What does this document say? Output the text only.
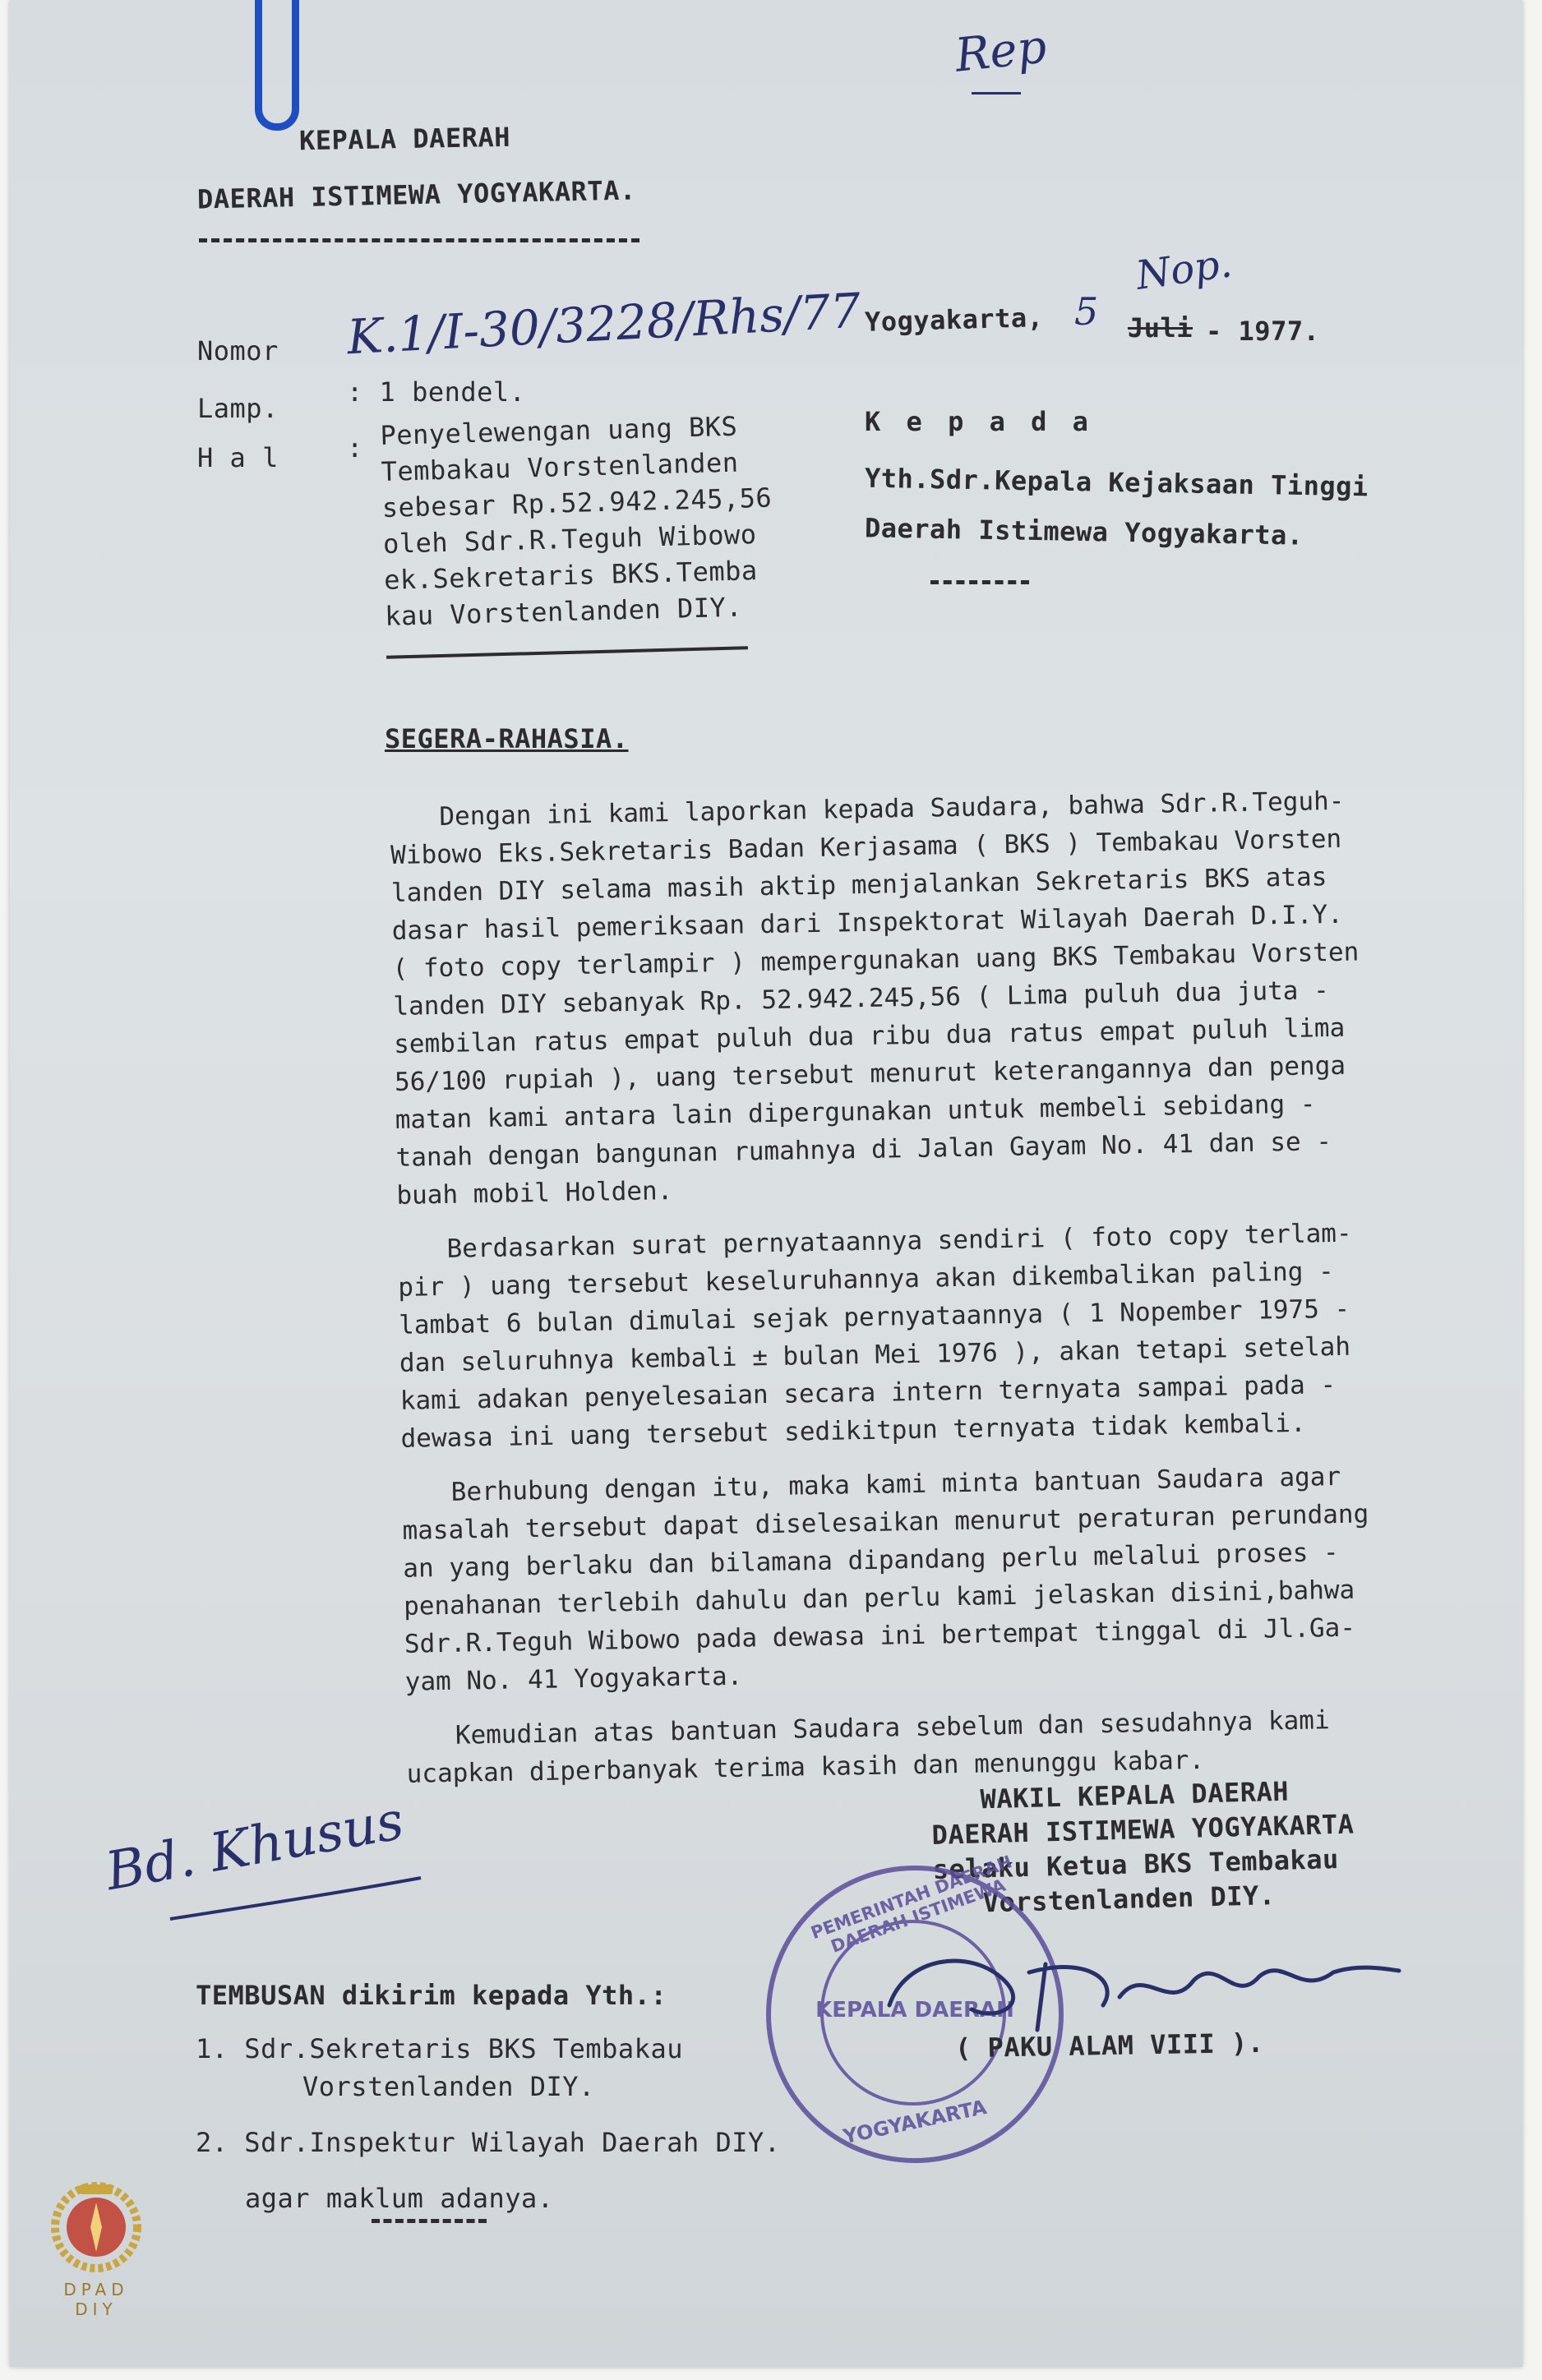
KEPALA DAERAH
DAERAH ISTIMEWA YOGYAKARTA.
Rep
Nomor K.1/I-30/3228/Rhs/77 Yogyakarta, 5
Nop.
Juli - 1977.
Lamp.
: 1 bendel.
H a l	: Penyelewengan uang BKS
Tembakau Vorstenlanden
sebesar Rp.52.942.245,56
oleh Sdr.R.Teguh Wibowo
ek.Sekretaris BKS.Temba
kau Vorstenlanden DIY.
K e p a d a
Yth.Sdr.Kepala Kejaksaan Tinggi
Daerah Istimewa Yogyakarta.
SEGERA-RAHASIA.
Dengan ini kami laporkan kepada Saudara, bahwa Sdr.R.Teguh-
Wibowo Eks.Sekretaris Badan Kerjasama ( BKS ) Tembakau Vorsten
landen DIY selama masih aktip menjalankan Sekretaris BKS atas
dasar hasil pemeriksaan dari Inspektorat Wilayah Daerah D.I.Y.
( foto copy terlampir ) mempergunakan uang BKS Tembakau Vorsten
landen DIY sebanyak Rp. 52.942.245,56 ( Lima puluh dua juta -
sembilan ratus empat puluh dua ribu dua ratus empat puluh lima
56/100 rupiah ), uang tersebut menurut keterangannya dan penga
matan kami antara lain dipergunakan untuk membeli sebidang -
tanah dengan bangunan rumahnya di Jalan Gayam No. 41 dan se -
buah mobil Holden.
Berdasarkan surat pernyataannya sendiri ( foto copy terlam-
pir ) uang tersebut keseluruhannya akan dikembalikan paling -
lambat 6 bulan dimulai sejak pernyataannya ( 1 Nopember 1975 -
dan seluruhnya kembali ± bulan Mei 1976 ), akan tetapi setelah
kami adakan penyelesaian secara intern ternyata sampai pada -
dewasa ini uang tersebut sedikitpun ternyata tidak kembali.
Berhubung dengan itu, maka kami minta bantuan Saudara agar
masalah tersebut dapat diselesaikan menurut peraturan perundang
an yang berlaku dan bilamana dipandang perlu melalui proses -
penahanan terlebih dahulu dan perlu kami jelaskan disini,bahwa
Sdr.R.Teguh Wibowo pada dewasa ini bertempat tinggal di Jl.Ga-
yam No. 41 Yogyakarta.
Kemudian atas bantuan Saudara sebelum dan sesudahnya kami
ucapkan diperbanyak terima kasih dan menunggu kabar.
WAKIL KEPALA DAERAH
DAERAH ISTIMEWA YOGYAKARTA
selaku Ketua BKS Tembakau
Vorstenlanden DIY.
PEMERINTAH DAERAH DAERAH ISTIMEWA
KEPALA DAERAH
YOGYAKARTA
( PAKU ALAM VIII ).
Bd. Khusus
TEMBUSAN dikirim kepada Yth.:
1. Sdr.Sekretaris BKS Tembakau
Vorstenlanden DIY.
2. Sdr.Inspektur Wilayah Daerah DIY.
agar maklum adanya.
DPAD
DIY
